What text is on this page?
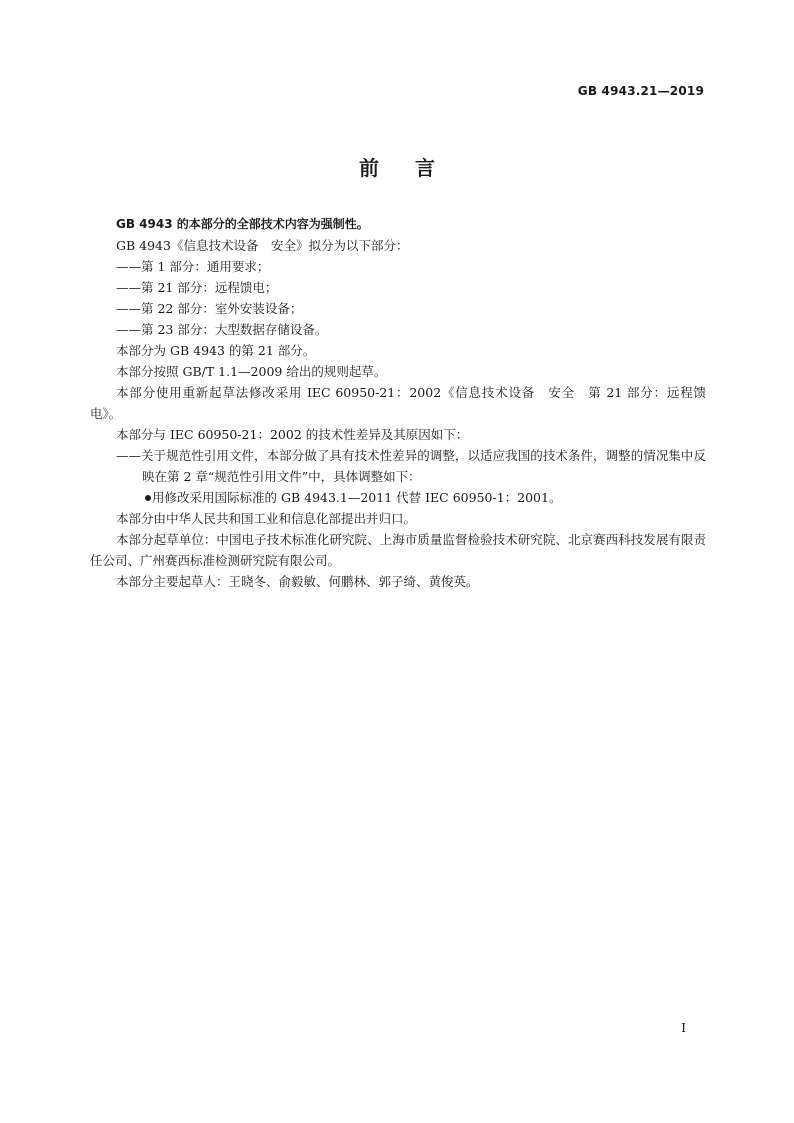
GB 4943.21—2019
前言

GB 4943 的本部分的全部技术内容为强制性。

GB 4943《信息技术设备　安全》拟分为以下部分：

——第 1 部分：通用要求；

——第 21 部分：远程馈电；

——第 22 部分：室外安装设备；

——第 23 部分：大型数据存储设备。

本部分为 GB 4943 的第 21 部分。

本部分按照 GB/T 1.1—2009 给出的规则起草。

本部分使用重新起草法修改采用 IEC 60950-21：2002《信息技术设备　安全　第 21 部分：远程馈电》。

本部分与 IEC 60950-21：2002 的技术性差异及其原因如下：

——关于规范性引用文件，本部分做了具有技术性差异的调整，以适应我国的技术条件，调整的情况集中反映在第 2 章“规范性引用文件”中，具体调整如下：

用修改采用国际标准的 GB 4943.1—2011 代替 IEC 60950-1：2001。

本部分由中华人民共和国工业和信息化部提出并归口。

本部分起草单位：中国电子技术标准化研究院、上海市质量监督检验技术研究院、北京赛西科技发展有限责任公司、广州赛西标准检测研究院有限公司。

本部分主要起草人：王晓冬、俞毅敏、何鹏林、郭子绮、黄俊英。

I
